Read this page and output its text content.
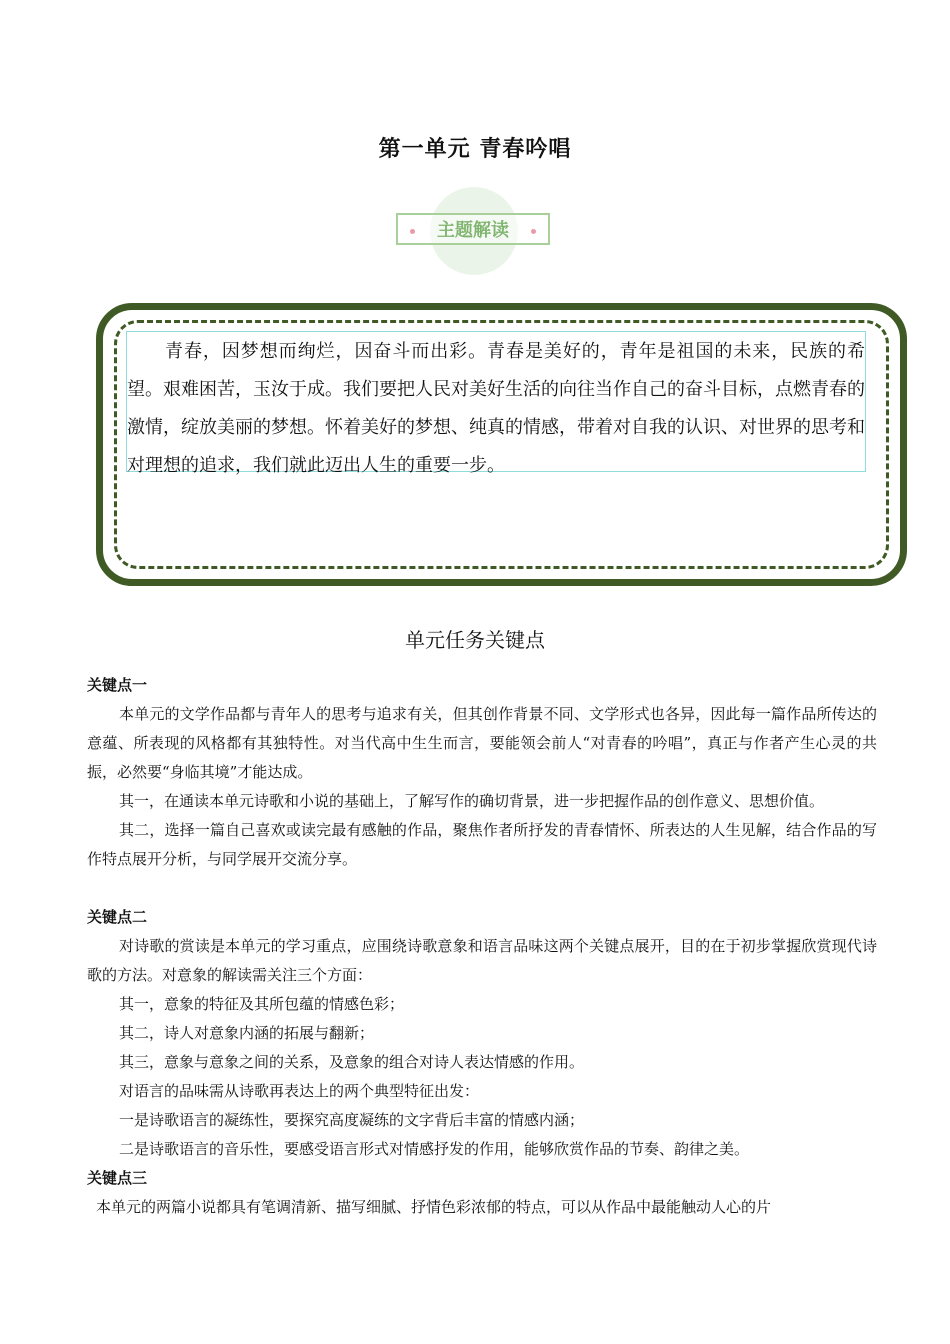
第一单元 青春吟唱
主题解读
青春，因梦想而绚烂，因奋斗而出彩。青春是美好的，青年是祖国的未来，民族的希望。艰难困苦，玉汝于成。我们要把人民对美好生活的向往当作自己的奋斗目标，点燃青春的激情，绽放美丽的梦想。怀着美好的梦想、纯真的情感，带着对自我的认识、对世界的思考和对理想的追求，我们就此迈出人生的重要一步。
单元任务关键点
关键点一

本单元的文学作品都与青年人的思考与追求有关，但其创作背景不同、文学形式也各异，因此每一篇作品所传达的意蕴、所表现的风格都有其独特性。对当代高中生生而言，要能领会前人“对青春的吟唱”，真正与作者产生心灵的共振，必然要“身临其境”才能达成。

其一，在通读本单元诗歌和小说的基础上，了解写作的确切背景，进一步把握作品的创作意义、思想价值。

其二，选择一篇自己喜欢或读完最有感触的作品，聚焦作者所抒发的青春情怀、所表达的人生见解，结合作品的写作特点展开分析，与同学展开交流分享。

关键点二

对诗歌的赏读是本单元的学习重点，应围绕诗歌意象和语言品味这两个关键点展开，目的在于初步掌握欣赏现代诗歌的方法。对意象的解读需关注三个方面：

其一，意象的特征及其所包蕴的情感色彩；

其二，诗人对意象内涵的拓展与翻新；

其三，意象与意象之间的关系，及意象的组合对诗人表达情感的作用。

对语言的品味需从诗歌再表达上的两个典型特征出发：

一是诗歌语言的凝练性，要探究高度凝练的文字背后丰富的情感内涵；

二是诗歌语言的音乐性，要感受语言形式对情感抒发的作用，能够欣赏作品的节奏、韵律之美。

关键点三

本单元的两篇小说都具有笔调清新、描写细腻、抒情色彩浓郁的特点，可以从作品中最能触动人心的片
